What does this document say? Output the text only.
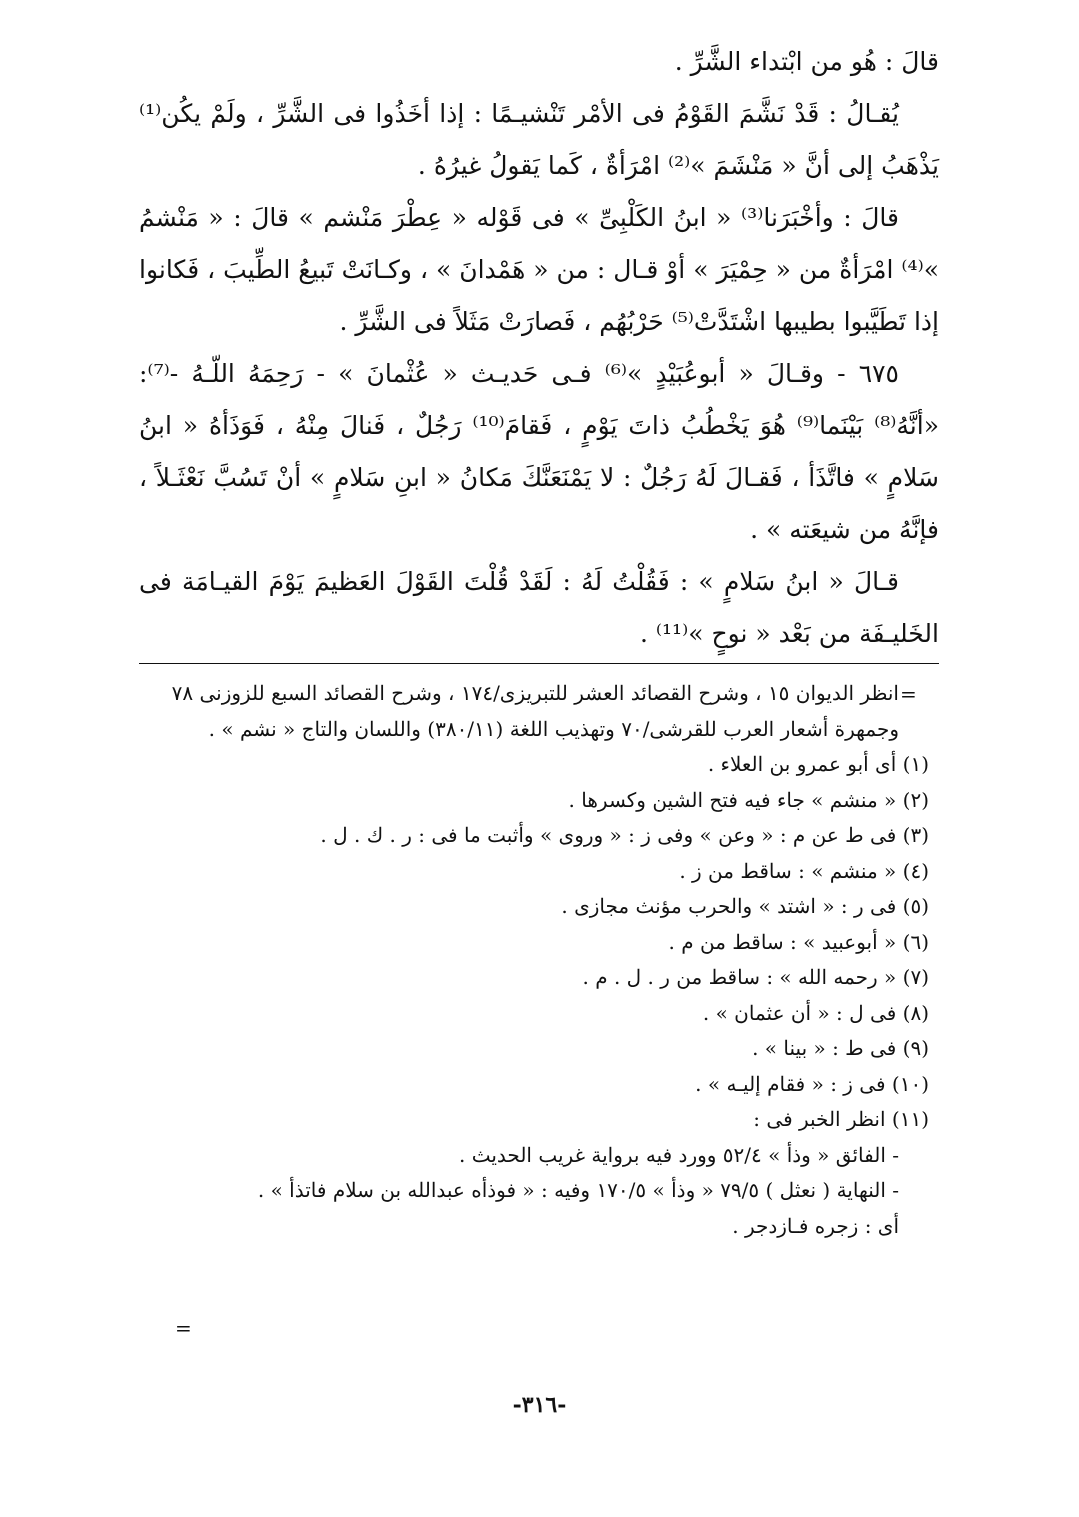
قالَ : هُو من ابْتداء الشَّرِّ .

يُقـالُ : قَدْ نَشَّمَ القَوْمُ فى الأمْر تَنْشيـمًا : إذا أخَذُوا فى الشَّرِّ ، ولَمْ يكُن⁽¹⁾ يَذْهَبُ إلى أنَّ « مَنْشَمَ »⁽²⁾ امْرَأةٌ ، كَما يَقولُ غيرُهُ .

قالَ : وأخْبَرَنا⁽³⁾ « ابنُ الكَلْبِىِّ » فى قَوْله « عِطْرَ مَنْشم » قالَ : « مَنْشمُ »⁽⁴⁾ امْرَأةٌ من « حِمْيَرَ » أوْ قـال : من « هَمْدانَ » ، وكـانَتْ تَبيعُ الطِّيبَ ، فَكانوا إذا تَطَيَّبوا بطيبها اشْتَدَّتْ⁽⁵⁾ حَرْبُهُم ، فَصارَتْ مَثَلاً فى الشَّرِّ .

٦٧٥ - وقـالَ « أبوعُبَيْدٍ »⁽⁶⁾ فـى حَديـث « عُثْمانَ » - رَحِمَهُ اللّـهُ -⁽⁷⁾: «أنَّهُ⁽⁸⁾ بَيْنَما⁽⁹⁾ هُوَ يَخْطُبُ ذاتَ يَوْمٍ ، فَقامَ⁽¹⁰⁾ رَجُلٌ ، فَنالَ مِنْهُ ، فَوَذَأهُ « ابنُ سَلامٍ » فاتَّذَأ ، فَقـالَ لَهُ رَجُلٌ : لا يَمْنَعَنَّكَ مَكانُ « ابنِ سَلامٍ » أنْ تَسُبَّ نَعْثَـلاً ، فإنَّهُ من شيعَته » .

قـالَ « ابنُ سَلامٍ » : فَقُلْتُ لَهُ : لَقَدْ قُلْتَ القَوْلَ العَظيمَ يَوْمَ القيـامَة فى الخَليـفَة من بَعْد « نوحٍ »⁽¹¹⁾ .

=

انظر الديوان ١٥ ، وشرح القصائد العشر للتبريزى/١٧٤ ، وشرح القصائد السبع للزوزنى ٧٨ وجمهرة أشعار العرب للقرشى/٧٠ وتهذيب اللغة (٣٨٠/١١) واللسان والتاج « نشم » .

(١) أى أبو عمرو بن العلاء .

(٢) « منشم » جاء فيه فتح الشين وكسرها .

(٣) فى ط عن م : « وعن » وفى ز : « وروى » وأثبت ما فى : ر . ك . ل .

(٤) « منشم » : ساقط من ز .

(٥) فى ر : « اشتد » والحرب مؤنث مجازى .

(٦) « أبوعبيد » : ساقط من م .

(٧) « رحمه الله » : ساقط من ر . ل . م .

(٨) فى ل : « أن عثمان » .

(٩) فى ط : « بينا » .

(١٠) فى ز : « فقام إليـه » .

(١١) انظر الخبر فى :

- الفائق « وذأ » ٥٢/٤ وورد فيه برواية غريب الحديث .

- النهاية ( نعثل ) ٧٩/٥ « وذأ » ١٧٠/٥ وفيه : « فوذأه عبدالله بن سلام فاتذأ » .

أى : زجره فـازدجر .

=
-٣١٦-
